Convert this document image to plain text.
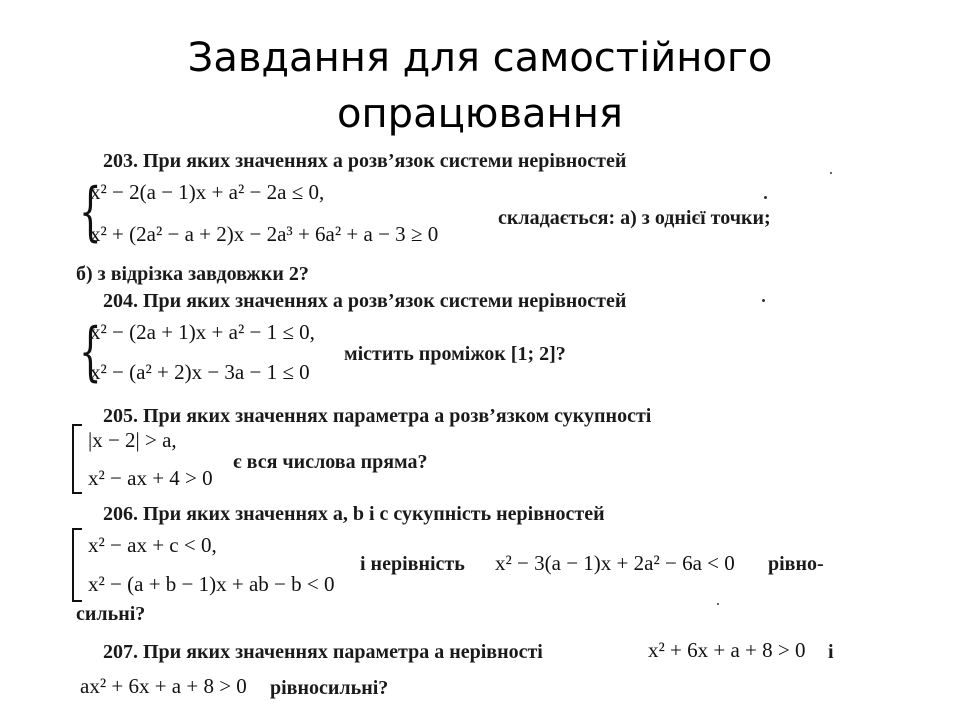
Завдання для самостійного
опрацювання
203. При яких значеннях a розв’язок системи нерівностей
{
x² − 2(a − 1)x + a² − 2a ≤ 0,
x² + (2a² − a + 2)x − 2a³ + 6a² + a − 3 ≥ 0
складається: а) з однієї точки;
б) з відрізка завдовжки 2?
204. При яких значеннях a розв’язок системи нерівностей
{
x² − (2a + 1)x + a² − 1 ≤ 0,
x² − (a² + 2)x − 3a − 1 ≤ 0
містить проміжок [1; 2]?
205. При яких значеннях параметра a розв’язком сукупності
|x − 2| > a,
x² − ax + 4 > 0
є вся числова пряма?
206. При яких значеннях a, b і c сукупність нерівностей
x² − ax + c < 0,
x² − (a + b − 1)x + ab − b < 0
і нерівність x² − 3(a − 1)x + 2a² − 6a < 0 рівно-
сильні?
207. При яких значеннях параметра a нерівності	x² + 6x + a + 8 > 0 і
ax² + 6x + a + 8 > 0 рівносильні?
